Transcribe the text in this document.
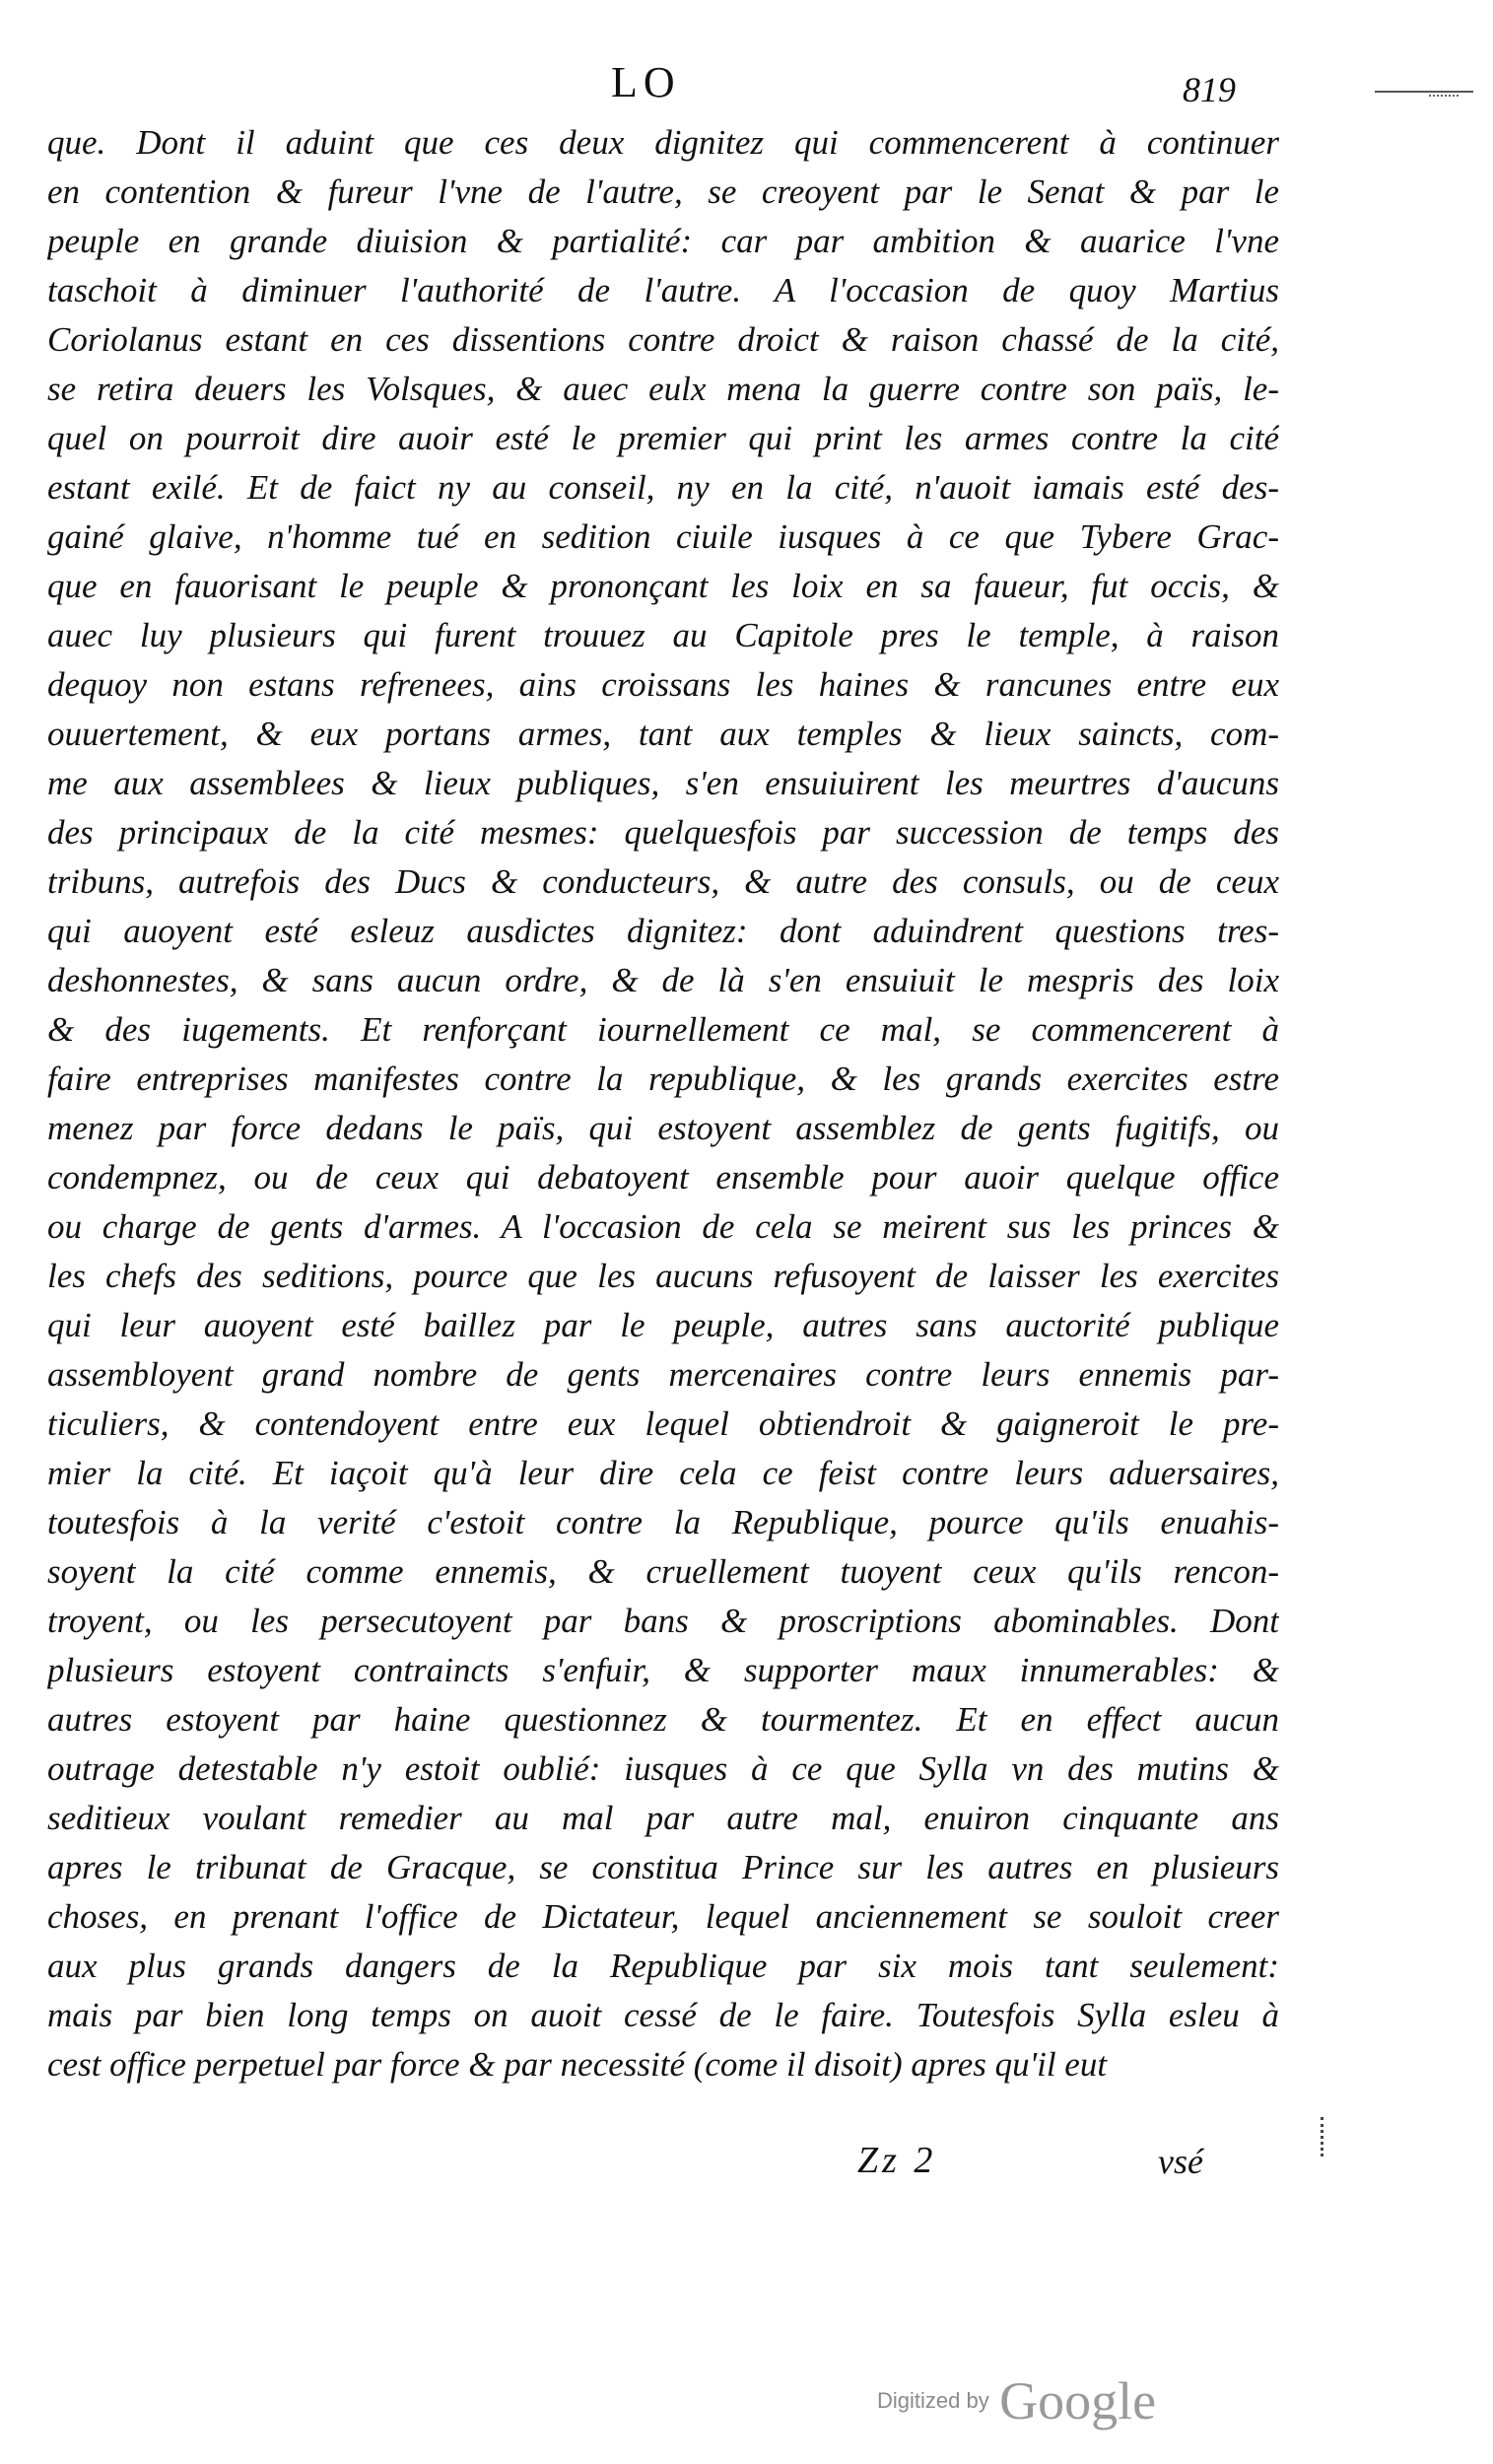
LO	819
que. Dont il aduint que ces deux dignitez qui commencerent à continuer
en contention & fureur l'vne de l'autre, se creoyent par le Senat & par le
peuple en grande diuision & partialité: car par ambition & auarice l'vne
taschoit à diminuer l'authorité de l'autre. A l'occasion de quoy Martius
Coriolanus estant en ces dissentions contre droict & raison chassé de la cité,
se retira deuers les Volsques, & auec eulx mena la guerre contre son païs, le-
quel on pourroit dire auoir esté le premier qui print les armes contre la cité
estant exilé. Et de faict ny au conseil, ny en la cité, n'auoit iamais esté des-
gainé glaive, n'homme tué en sedition ciuile iusques à ce que Tybere Grac-
que en fauorisant le peuple & prononçant les loix en sa faueur, fut occis, &
auec luy plusieurs qui furent trouuez au Capitole pres le temple, à raison
dequoy non estans refrenees, ains croissans les haines & rancunes entre eux
ouuertement, & eux portans armes, tant aux temples & lieux saincts, com-
me aux assemblees & lieux publiques, s'en ensuiuirent les meurtres d'aucuns
des principaux de la cité mesmes: quelquesfois par succession de temps des
tribuns, autrefois des Ducs & conducteurs, & autre des consuls, ou de ceux
qui auoyent esté esleuz ausdictes dignitez: dont aduindrent questions tres-
deshonnestes, & sans aucun ordre, & de là s'en ensuiuit le mespris des loix
& des iugements. Et renforçant iournellement ce mal, se commencerent à
faire entreprises manifestes contre la republique, & les grands exercites estre
menez par force dedans le païs, qui estoyent assemblez de gents fugitifs, ou
condempnez, ou de ceux qui debatoyent ensemble pour auoir quelque office
ou charge de gents d'armes. A l'occasion de cela se meirent sus les princes &
les chefs des seditions, pource que les aucuns refusoyent de laisser les exercites
qui leur auoyent esté baillez par le peuple, autres sans auctorité publique
assembloyent grand nombre de gents mercenaires contre leurs ennemis par-
ticuliers, & contendoyent entre eux lequel obtiendroit & gaigneroit le pre-
mier la cité. Et iaçoit qu'à leur dire cela ce feist contre leurs aduersaires,
toutesfois à la verité c'estoit contre la Republique, pource qu'ils enuahis-
soyent la cité comme ennemis, & cruellement tuoyent ceux qu'ils rencon-
troyent, ou les persecutoyent par bans & proscriptions abominables. Dont
plusieurs estoyent contraincts s'enfuir, & supporter maux innumerables: &
autres estoyent par haine questionnez & tourmentez. Et en effect aucun
outrage detestable n'y estoit oublié: iusques à ce que Sylla vn des mutins &
seditieux voulant remedier au mal par autre mal, enuiron cinquante ans
apres le tribunat de Gracque, se constitua Prince sur les autres en plusieurs
choses, en prenant l'office de Dictateur, lequel anciennement se souloit creer
aux plus grands dangers de la Republique par six mois tant seulement:
mais par bien long temps on auoit cessé de le faire. Toutesfois Sylla esleu à
cest office perpetuel par force & par necessité (come il disoit) apres qu'il eut
Zz 2	vsé
Digitized by Google
